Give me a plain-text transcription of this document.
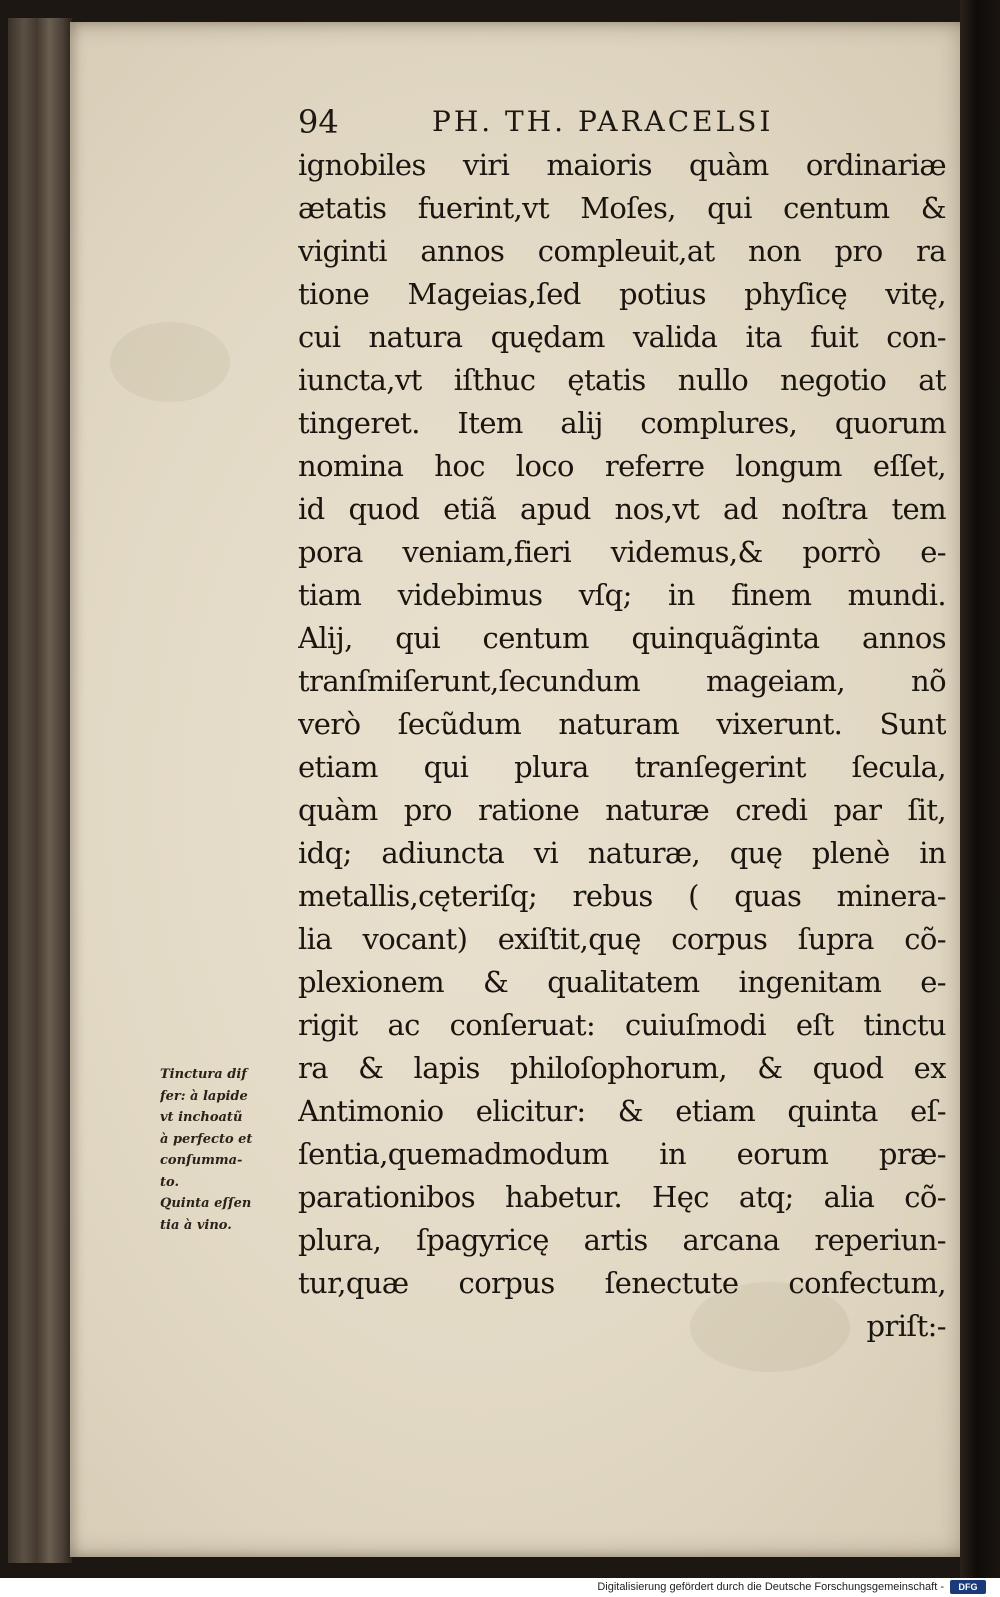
94	PH. TH. PARACELSI
ignobiles viri maioris quàm ordinariæ
ætatis fuerint,vt Moſes, qui centum &
viginti annos compleuit,at non pro ra
tione Mageias,ſed potius phyſicę vitę,
cui natura quędam valida ita fuit con-
iuncta,vt iſthuc ętatis nullo negotio at
tingeret. Item alij complures, quorum
nomina hoc loco referre longum eſſet,
id quod etiã apud nos,vt ad noſtra tem
pora veniam,fieri videmus,& porrò e-
tiam videbimus vſq; in finem mundi.
Alij, qui centum quinquãginta annos
tranſmiſerunt,ſecundum mageiam, nõ
verò ſecũdum naturam vixerunt. Sunt
etiam qui plura tranſegerint ſecula,
quàm pro ratione naturæ credi par ſit,
idq; adiuncta vi naturæ, quę plenè in
metallis,cęteriſq; rebus ( quas minera-
lia vocant) exiſtit,quę corpus ſupra cõ-
plexionem & qualitatem ingenitam e-
rigit ac conſeruat: cuiuſmodi eſt tinctu
ra & lapis philoſophorum, & quod ex
Antimonio elicitur: & etiam quinta eſ-
ſentia,quemadmodum in eorum præ-
parationibos habetur. Hęc atq; alia cõ-
plura, ſpagyricę artis arcana reperiun-
tur,quæ corpus ſenectute confectum,
priſt:-
Tinctura dif
fer: à lapide
vt inchoatũ
à perfecto et
conſumma-
to.
Quinta eſſen
tia à vino.
Digitalisierung gefördert durch die Deutsche Forschungsgemeinschaft -	DFG
